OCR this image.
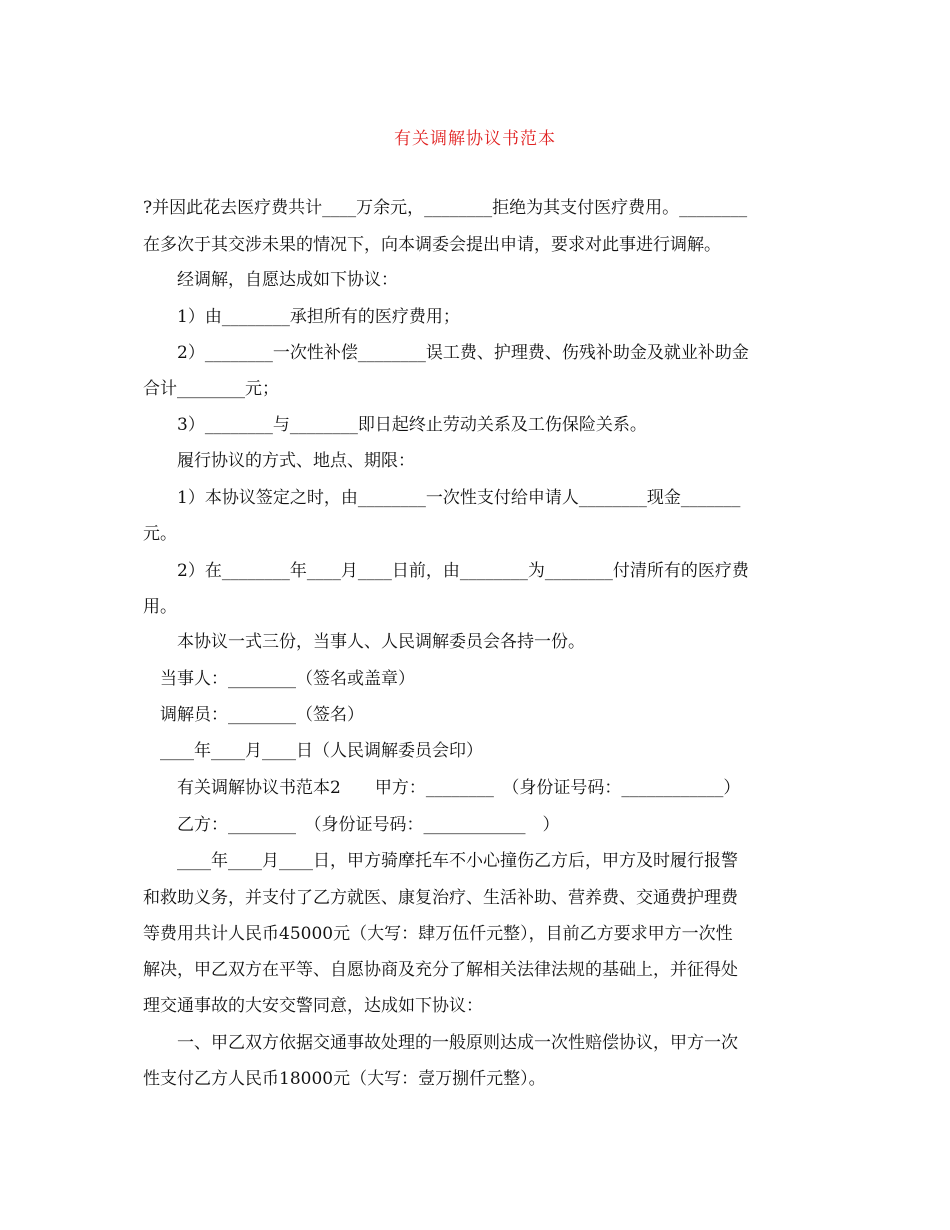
有关调解协议书范本
?并因此花去医疗费共计____万余元，________拒绝为其支付医疗费用。________
在多次于其交涉未果的情况下，向本调委会提出申请，要求对此事进行调解。
　　经调解，自愿达成如下协议：
　　1）由________承担所有的医疗费用；
　　2）________一次性补偿________误工费、护理费、伤残补助金及就业补助金
合计________元；
　　3）________与________即日起终止劳动关系及工伤保险关系。
　　履行协议的方式、地点、期限：
　　1）本协议签定之时，由________一次性支付给申请人________现金_______
元。
　　2）在________年____月____日前，由________为________付清所有的医疗费
用。
　　本协议一式三份，当事人、人民调解委员会各持一份。
　当事人：________（签名或盖章）
　调解员：________（签名）
　____年____月____日（人民调解委员会印）
　　有关调解协议书范本2　　甲方：________　（身份证号码：____________）
　　乙方：________　（身份证号码：____________　）
　　____年____月____日，甲方骑摩托车不小心撞伤乙方后，甲方及时履行报警
和救助义务，并支付了乙方就医、康复治疗、生活补助、营养费、交通费护理费
等费用共计人民币45000元（大写：肆万伍仟元整），目前乙方要求甲方一次性
解决，甲乙双方在平等、自愿协商及充分了解相关法律法规的基础上，并征得处
理交通事故的大安交警同意，达成如下协议：
　　一、甲乙双方依据交通事故处理的一般原则达成一次性赔偿协议，甲方一次
性支付乙方人民币18000元（大写：壹万捌仟元整）。
